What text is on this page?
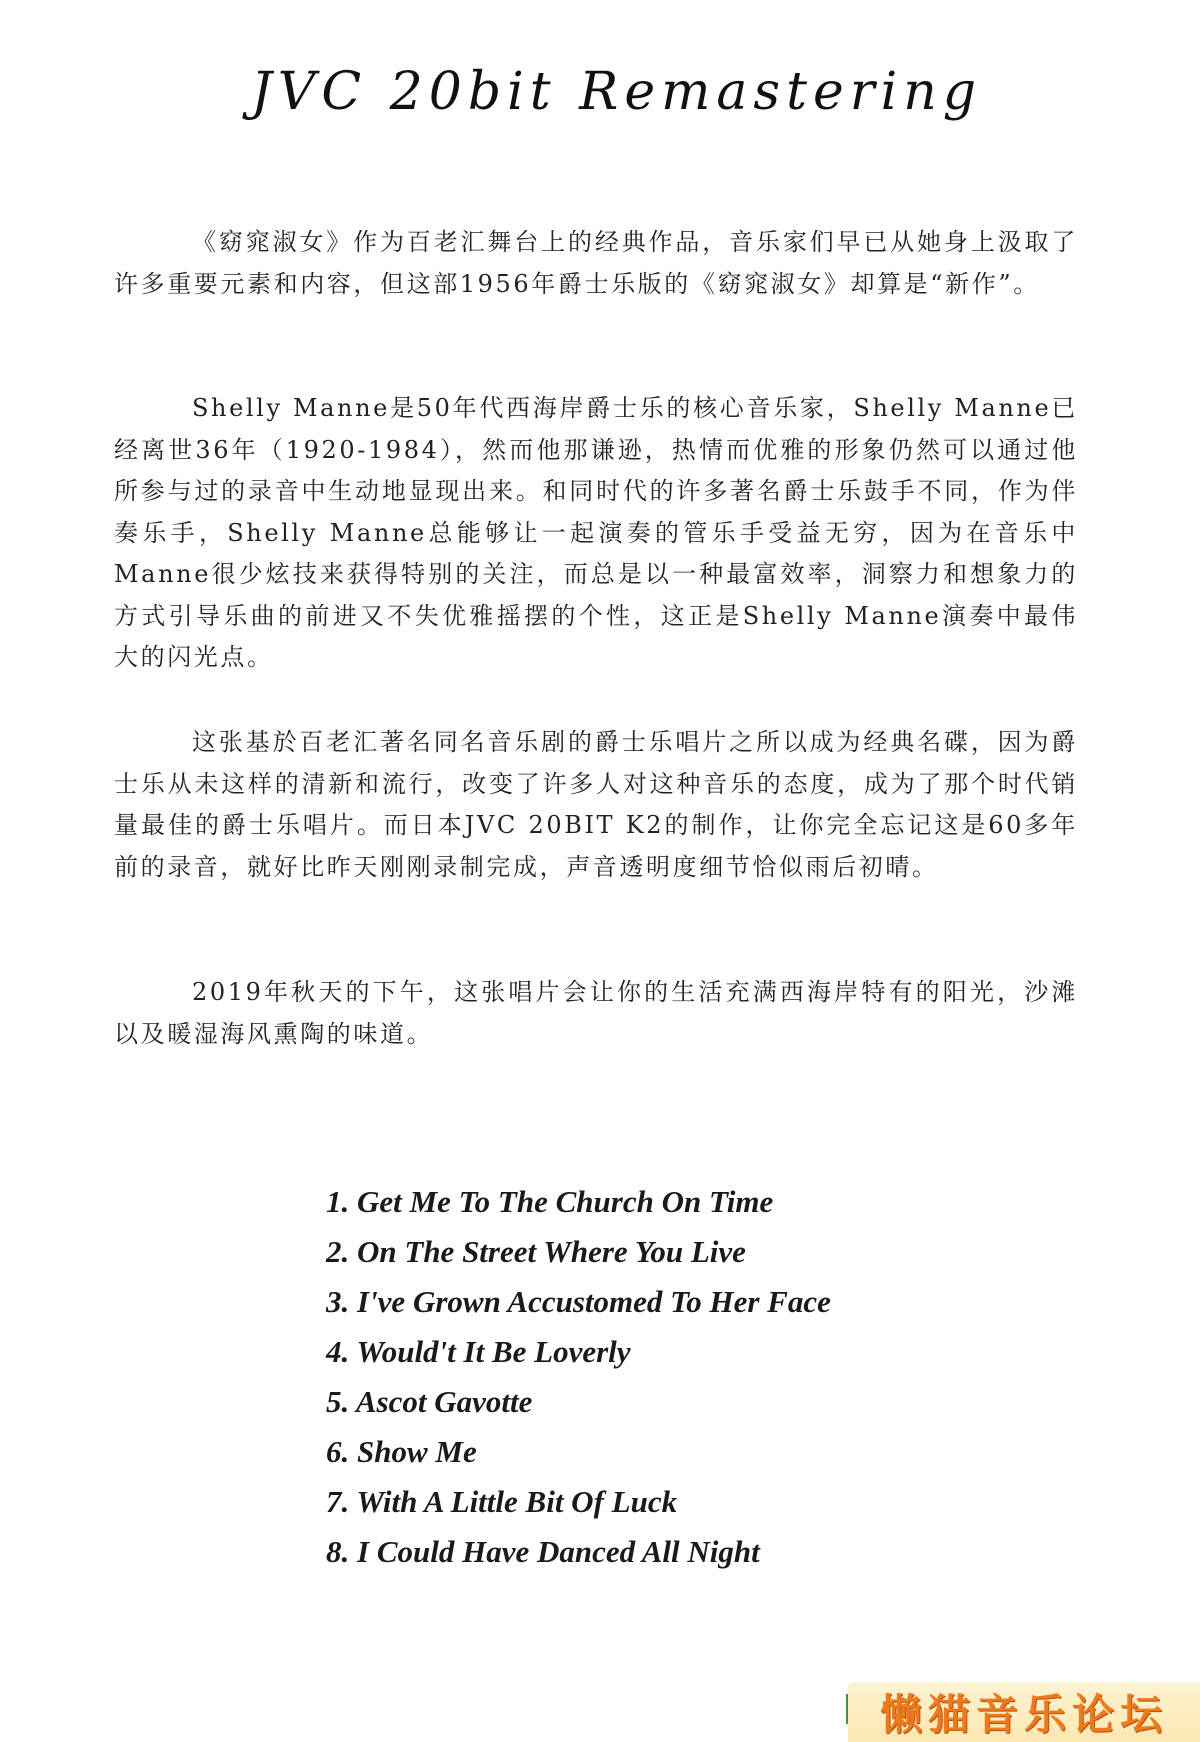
JVC 20bit Remastering

《窈窕淑女》作为百老汇舞台上的经典作品，音乐家们早已从她身上汲取了许多重要元素和内容，但这部1956年爵士乐版的《窈窕淑女》却算是“新作”。

Shelly Manne是50年代西海岸爵士乐的核心音乐家，Shelly Manne已经离世36年（1920-1984），然而他那谦逊，热情而优雅的形象仍然可以通过他所参与过的录音中生动地显现出来。和同时代的许多著名爵士乐鼓手不同，作为伴奏乐手，Shelly Manne总能够让一起演奏的管乐手受益无穷，因为在音乐中Manne很少炫技来获得特别的关注，而总是以一种最富效率，洞察力和想象力的方式引导乐曲的前进又不失优雅摇摆的个性，这正是Shelly Manne演奏中最伟大的闪光点。

这张基於百老汇著名同名音乐剧的爵士乐唱片之所以成为经典名碟，因为爵士乐从未这样的清新和流行，改变了许多人对这种音乐的态度，成为了那个时代销量最佳的爵士乐唱片。而日本JVC 20BIT K2的制作，让你完全忘记这是60多年前的录音，就好比昨天刚刚录制完成，声音透明度细节恰似雨后初晴。

2019年秋天的下午，这张唱片会让你的生活充满西海岸特有的阳光，沙滩以及暖湿海风熏陶的味道。

1. Get Me To The Church On Time
2. On The Street Where You Live
3. I've Grown Accustomed To Her Face
4. Would't It Be Loverly
5. Ascot Gavotte
6. Show Me
7. With A Little Bit Of Luck
8. I Could Have Danced All Night
懒猫音乐论坛
